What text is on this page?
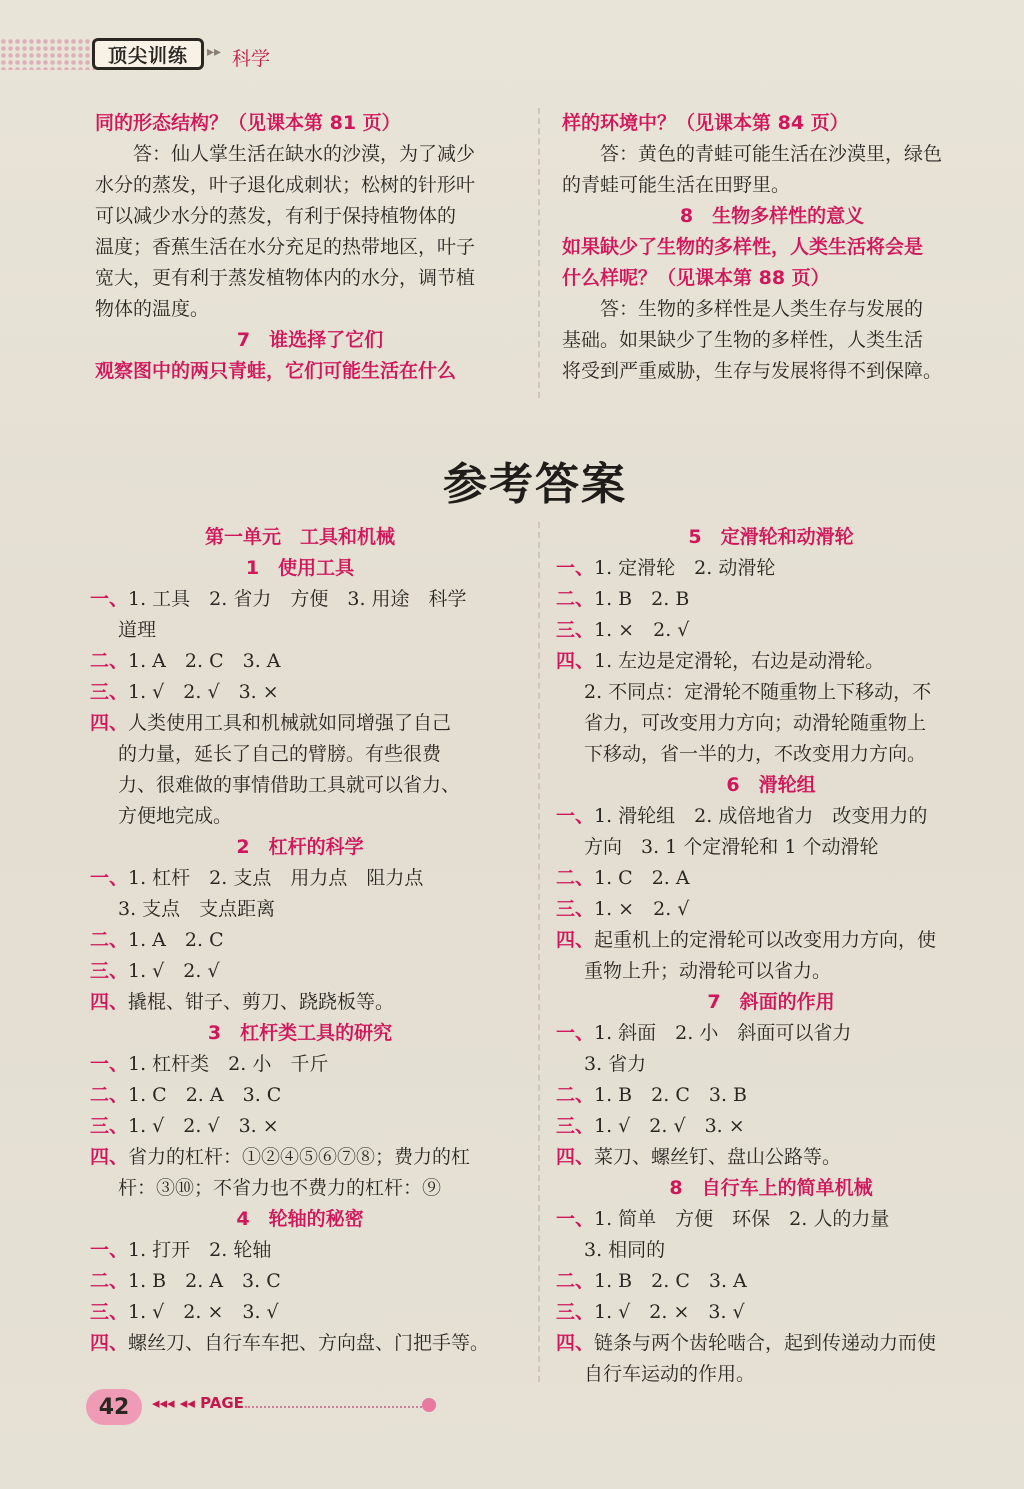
顶尖训练	▸▸ 科学

同的形态结构？（见课本第 81 页）

答：仙人掌生活在缺水的沙漠，为了减少

水分的蒸发，叶子退化成刺状；松树的针形叶

可以减少水分的蒸发，有利于保持植物体的

温度；香蕉生活在水分充足的热带地区，叶子

宽大，更有利于蒸发植物体内的水分，调节植

物体的温度。

7　谁选择了它们

观察图中的两只青蛙，它们可能生活在什么

样的环境中？（见课本第 84 页）

答：黄色的青蛙可能生活在沙漠里，绿色

的青蛙可能生活在田野里。

8　生物多样性的意义

如果缺少了生物的多样性，人类生活将会是

什么样呢？（见课本第 88 页）

答：生物的多样性是人类生存与发展的

基础。如果缺少了生物的多样性，人类生活

将受到严重威胁，生存与发展将得不到保障。

参考答案

第一单元　工具和机械

1　使用工具

一、1. 工具　2. 省力　方便　3. 用途　科学

道理

二、1. A　2. C　3. A

三、1. √　2. √　3. ×

四、人类使用工具和机械就如同增强了自己

的力量，延长了自己的臂膀。有些很费

力、很难做的事情借助工具就可以省力、

方便地完成。

2　杠杆的科学

一、1. 杠杆　2. 支点　用力点　阻力点

3. 支点　支点距离

二、1. A　2. C

三、1. √　2. √

四、撬棍、钳子、剪刀、跷跷板等。

3　杠杆类工具的研究

一、1. 杠杆类　2. 小　千斤

二、1. C　2. A　3. C

三、1. √　2. √　3. ×

四、省力的杠杆：①②④⑤⑥⑦⑧；费力的杠

杆：③⑩；不省力也不费力的杠杆：⑨

4　轮轴的秘密

一、1. 打开　2. 轮轴

二、1. B　2. A　3. C

三、1. √　2. ×　3. √

四、螺丝刀、自行车车把、方向盘、门把手等。

5　定滑轮和动滑轮

一、1. 定滑轮　2. 动滑轮

二、1. B　2. B

三、1. ×　2. √

四、1. 左边是定滑轮，右边是动滑轮。

2. 不同点：定滑轮不随重物上下移动，不

省力，可改变用力方向；动滑轮随重物上

下移动，省一半的力，不改变用力方向。

6　滑轮组

一、1. 滑轮组　2. 成倍地省力　改变用力的

方向　3. 1 个定滑轮和 1 个动滑轮

二、1. C　2. A

三、1. ×　2. √

四、起重机上的定滑轮可以改变用力方向，使

重物上升；动滑轮可以省力。

7　斜面的作用

一、1. 斜面　2. 小　斜面可以省力

3. 省力

二、1. B　2. C　3. B

三、1. √　2. √　3. ×

四、菜刀、螺丝钉、盘山公路等。

8　自行车上的简单机械

一、1. 简单　方便　环保　2. 人的力量

3. 相同的

二、1. B　2. C　3. A

三、1. √　2. ×　3. √

四、链条与两个齿轮啮合，起到传递动力而使

自行车运动的作用。

42	◂◂◂ ◂◂ PAGE
